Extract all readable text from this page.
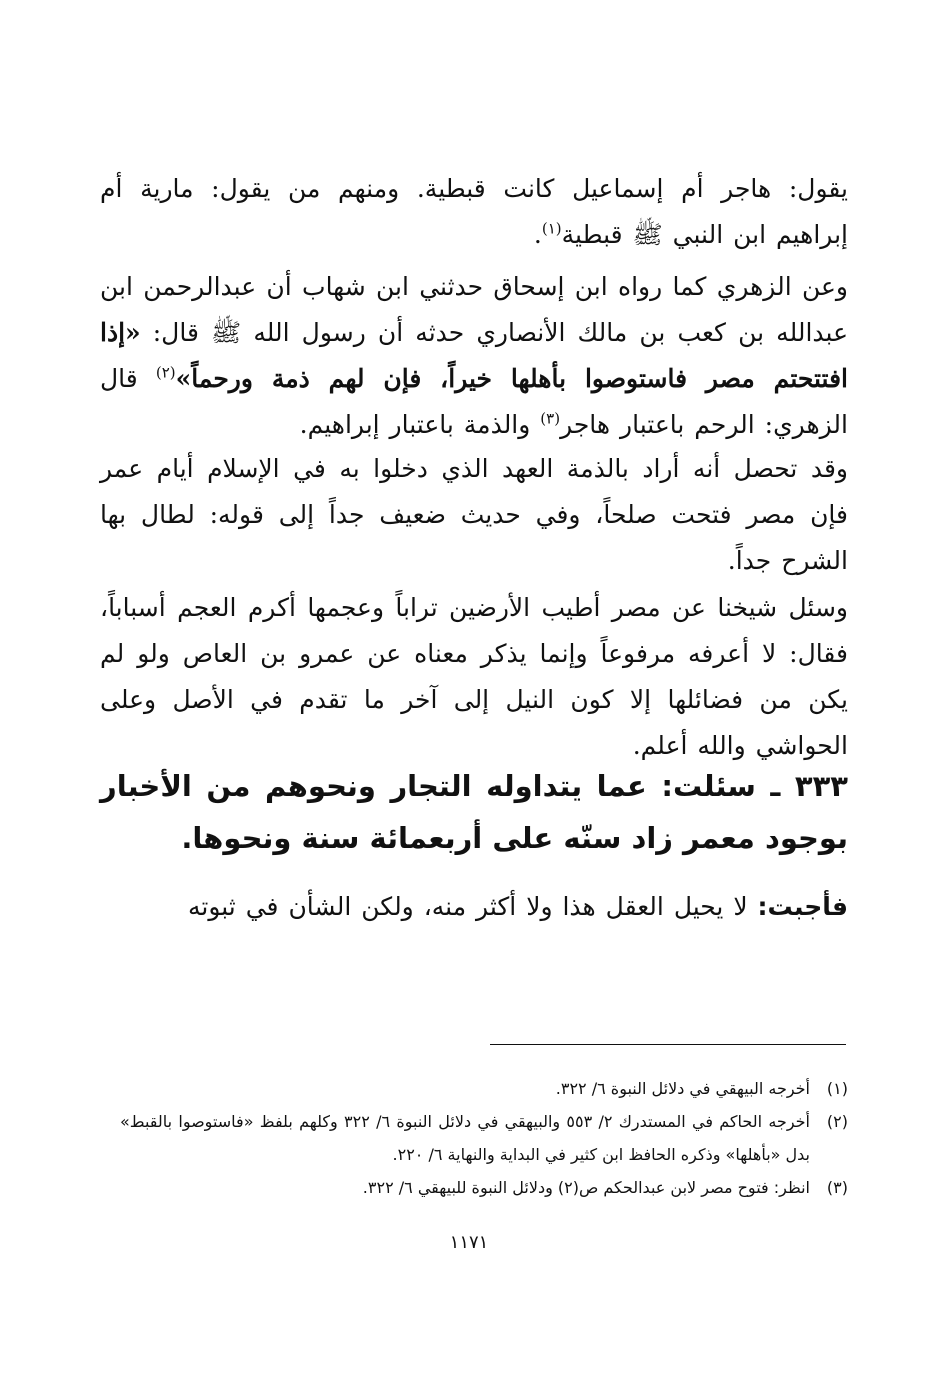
يقول: هاجر أم إسماعيل كانت قبطية. ومنهم من يقول: مارية أم إبراهيم ابن النبي ﷺ قبطية$^{(١)}$.

وعن الزهري كما رواه ابن إسحاق حدثني ابن شهاب أن عبدالرحمن ابن عبدالله بن كعب بن مالك الأنصاري حدثه أن رسول الله ﷺ قال: «إذا افتتحتم مصر فاستوصوا بأهلها خيراً، فإن لهم ذمة ورحماً»$^{(٢)}$ قال الزهري: الرحم باعتبار هاجر$^{(٣)}$ والذمة باعتبار إبراهيم.

وقد تحصل أنه أراد بالذمة العهد الذي دخلوا به في الإسلام أيام عمر فإن مصر فتحت صلحاً، وفي حديث ضعيف جداً إلى قوله: لطال بها الشرح جداً.

وسئل شيخنا عن مصر أطيب الأرضين تراباً وعجمها أكرم العجم أسباباً، فقال: لا أعرفه مرفوعاً وإنما يذكر معناه عن عمرو بن العاص ولو لم يكن من فضائلها إلا كون النيل إلى آخر ما تقدم في الأصل وعلى الحواشي والله أعلم.

٣٣٣ ـ سئلت: عما يتداوله التجار ونحوهم من الأخبار بوجود معمر زاد سنّه على أربعمائة سنة ونحوها.

فأجبت: لا يحيل العقل هذا ولا أكثر منه، ولكن الشأن في ثبوته

(١)
أخرجه البيهقي في دلائل النبوة ٦/ ٣٢٢.
(٢)
أخرجه الحاكم في المستدرك ٢/ ٥٥٣ والبيهقي في دلائل النبوة ٦/ ٣٢٢ وكلهم بلفظ «فاستوصوا بالقبط» بدل «بأهلها» وذكره الحافظ ابن كثير في البداية والنهاية ٦/ ٢٢٠.
(٣)
انظر: فتوح مصر لابن عبدالحكم ص(٢) ودلائل النبوة للبيهقي ٦/ ٣٢٢.
١١٧١
